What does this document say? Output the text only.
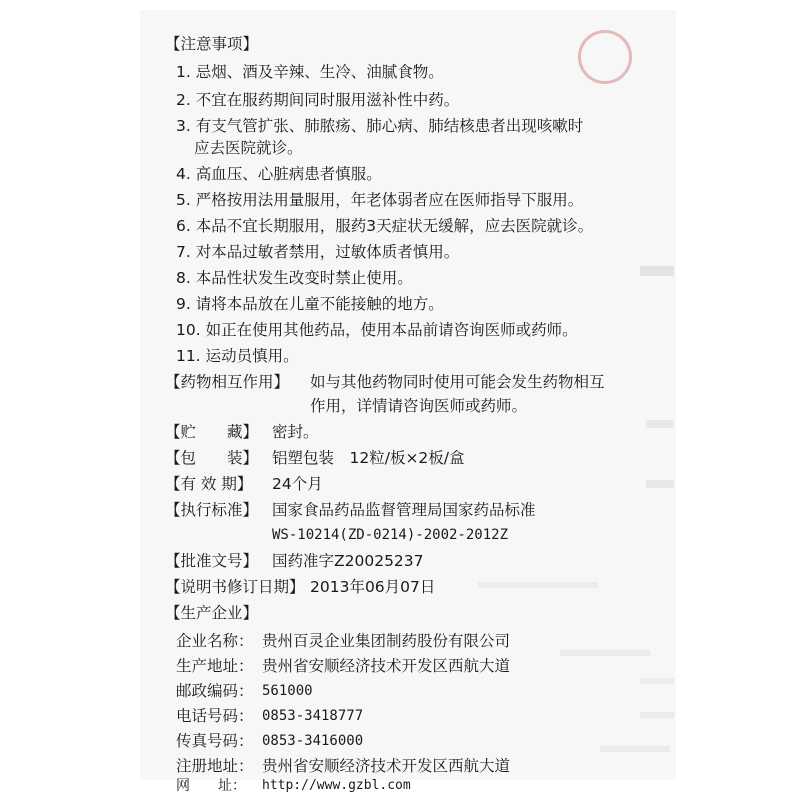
【注意事项】
1. 忌烟、酒及辛辣、生冷、油腻食物。
2. 不宜在服药期间同时服用滋补性中药。
3. 有支气管扩张、肺脓疡、肺心病、肺结核患者出现咳嗽时
应去医院就诊。
4. 高血压、心脏病患者慎服。
5. 严格按用法用量服用，年老体弱者应在医师指导下服用。
6. 本品不宜长期服用，服药3天症状无缓解，应去医院就诊。
7. 对本品过敏者禁用，过敏体质者慎用。
8. 本品性状发生改变时禁止使用。
9. 请将本品放在儿童不能接触的地方。
10. 如正在使用其他药品，使用本品前请咨询医师或药师。
11. 运动员慎用。
【药物相互作用】 如与其他药物同时使用可能会发生药物相互
作用，详情请咨询医师或药师。
【贮　　藏】 密封。
【包　　装】 铝塑包装　12粒/板×2板/盒
【有 效 期】 24个月
【执行标准】 国家食品药品监督管理局国家药品标准
WS-10214(ZD-0214)-2002-2012Z
【批准文号】 国药准字Z20025237
【说明书修订日期】 2013年06月07日
【生产企业】
企业名称： 贵州百灵企业集团制药股份有限公司
生产地址： 贵州省安顺经济技术开发区西航大道
邮政编码： 561000
电话号码： 0853-3418777
传真号码： 0853-3416000
注册地址： 贵州省安顺经济技术开发区西航大道
网　　址： http://www.gzbl.com
